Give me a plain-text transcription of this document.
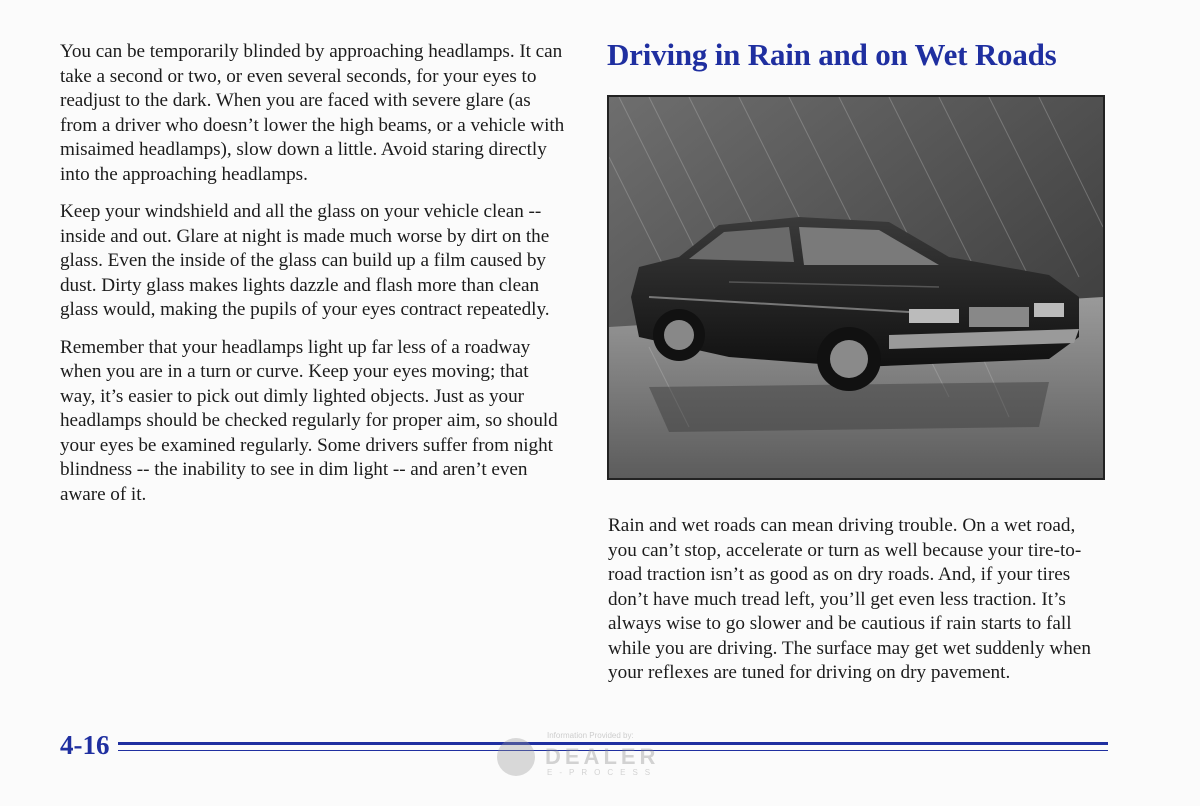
You can be temporarily blinded by approaching headlamps. It can take a second or two, or even several seconds, for your eyes to readjust to the dark. When you are faced with severe glare (as from a driver who doesn’t lower the high beams, or a vehicle with misaimed headlamps), slow down a little. Avoid staring directly into the approaching headlamps.

Keep your windshield and all the glass on your vehicle clean -- inside and out. Glare at night is made much worse by dirt on the glass. Even the inside of the glass can build up a film caused by dust. Dirty glass makes lights dazzle and flash more than clean glass would, making the pupils of your eyes contract repeatedly.

Remember that your headlamps light up far less of a roadway when you are in a turn or curve. Keep your eyes moving; that way, it’s easier to pick out dimly lighted objects. Just as your headlamps should be checked regularly for proper aim, so should your eyes be examined regularly. Some drivers suffer from night blindness -- the inability to see in dim light -- and aren’t even aware of it.

Driving in Rain and on Wet Roads

Rain and wet roads can mean driving trouble. On a wet road, you can’t stop, accelerate or turn as well because your tire-to-road traction isn’t as good as on dry roads. And, if your tires don’t have much tread left, you’ll get even less traction. It’s always wise to go slower and be cautious if rain starts to fall while you are driving. The surface may get wet suddenly when your reflexes are tuned for driving on dry pavement.

4-16	Information Provided by:
DEALER
E-PROCESS
